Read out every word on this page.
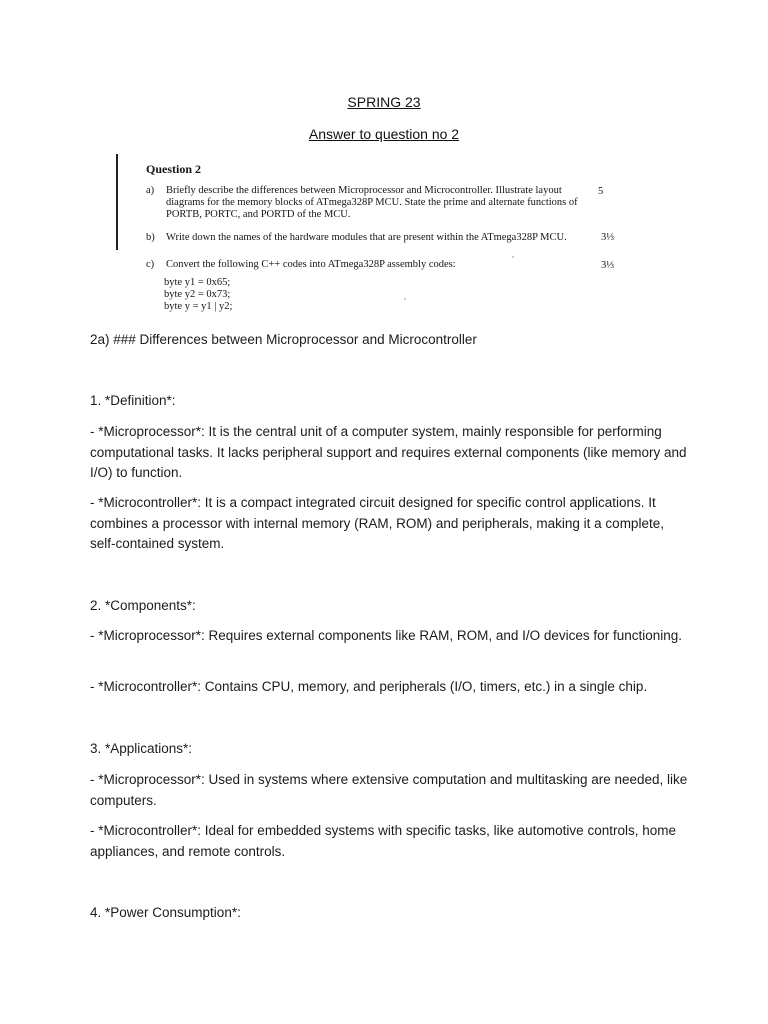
SPRING 23
Answer to question no 2
Question 2
a) Briefly describe the differences between Microprocessor and Microcontroller. Illustrate layout diagrams for the memory blocks of ATmega328P MCU. State the prime and alternate functions of PORTB, PORTC, and PORTD of the MCU.
5
b) Write down the names of the hardware modules that are present within the ATmega328P MCU.	3⅓
c) Convert the following C++ codes into ATmega328P assembly codes:	3⅓
byte y1 = 0x65;
byte y2 = 0x73;
byte y = y1 | y2;
2a) ### Differences between Microprocessor and Microcontroller
1. *Definition*:
- *Microprocessor*: It is the central unit of a computer system, mainly responsible for performing computational tasks. It lacks peripheral support and requires external components (like memory and I/O) to function.
- *Microcontroller*: It is a compact integrated circuit designed for specific control applications. It combines a processor with internal memory (RAM, ROM) and peripherals, making it a complete, self-contained system.
2. *Components*:
- *Microprocessor*: Requires external components like RAM, ROM, and I/O devices for functioning.
- *Microcontroller*: Contains CPU, memory, and peripherals (I/O, timers, etc.) in a single chip.
3. *Applications*:
- *Microprocessor*: Used in systems where extensive computation and multitasking are needed, like computers.
- *Microcontroller*: Ideal for embedded systems with specific tasks, like automotive controls, home appliances, and remote controls.
4. *Power Consumption*:
